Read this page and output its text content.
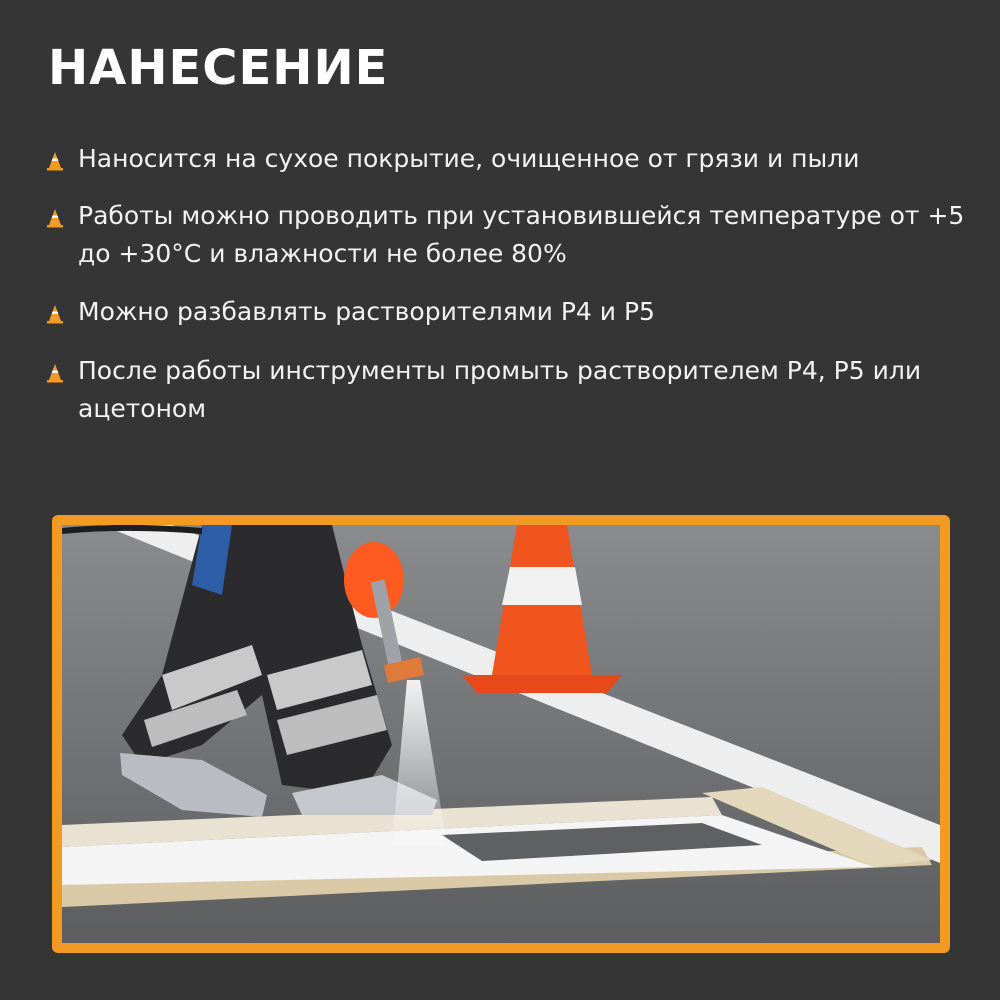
НАНЕСЕНИЕ
Наносится на сухое покрытие, очищенное от грязи и пыли
Работы можно проводить при установившейся температуре от +5 до +30°C и влажности не более 80%
Можно разбавлять растворителями Р4 и Р5
После работы инструменты промыть растворителем Р4, Р5 или ацетоном
